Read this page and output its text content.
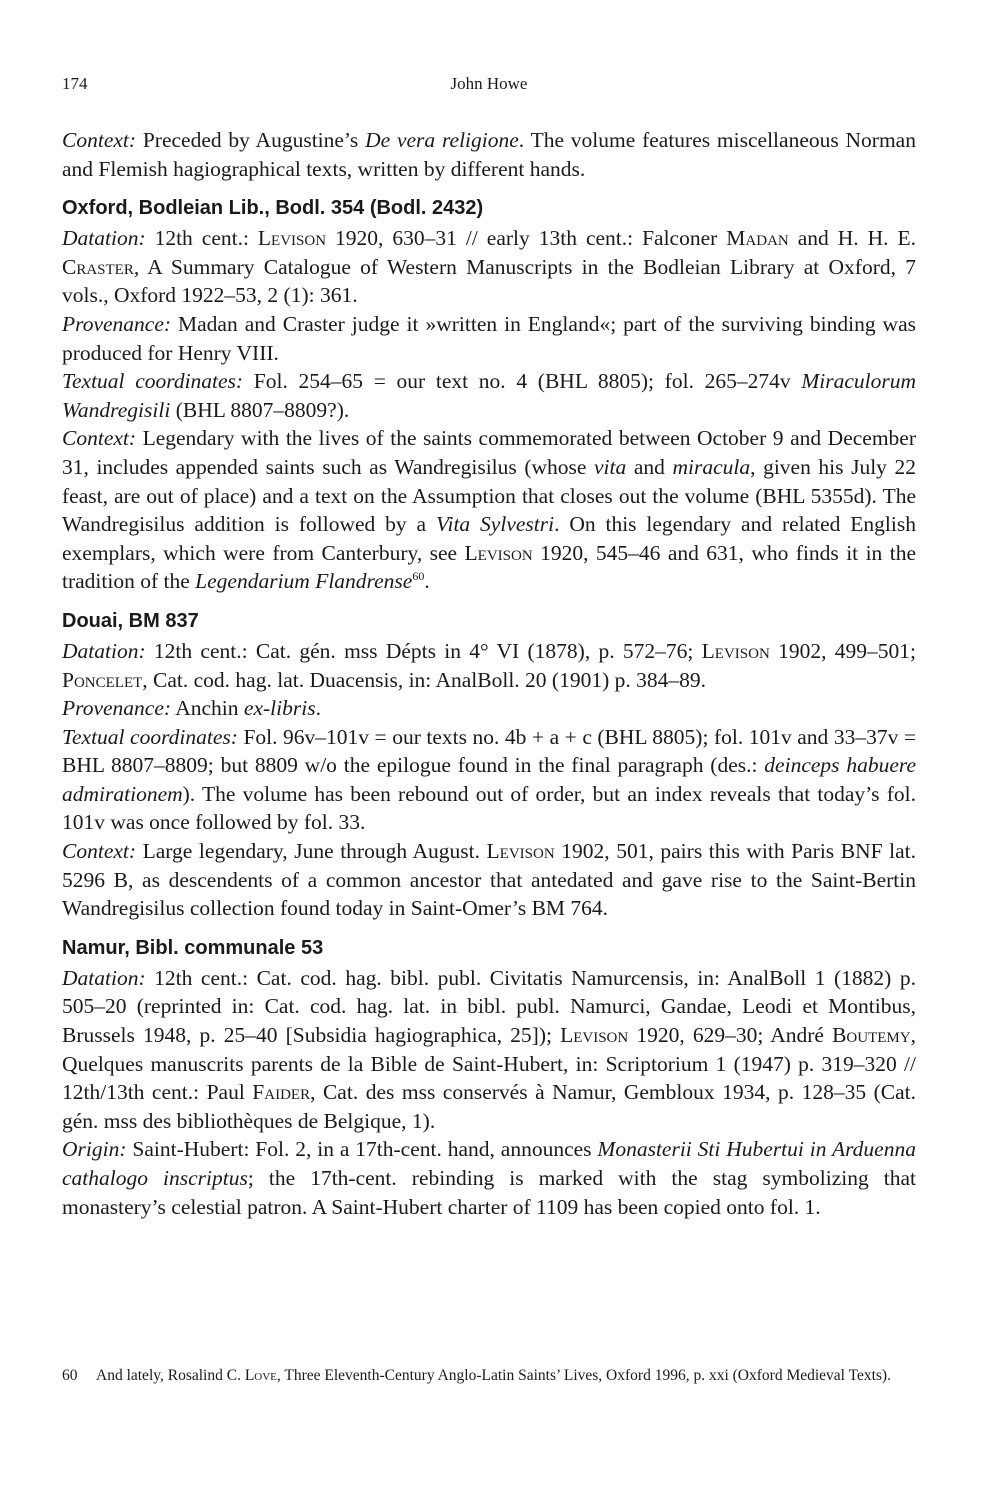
174	John Howe

Context: Preceded by Augustine’s De vera religione. The volume features miscellaneous Norman and Flemish hagiographical texts, written by different hands.

Oxford, Bodleian Lib., Bodl. 354 (Bodl. 2432)

Datation: 12th cent.: Levison 1920, 630–31 // early 13th cent.: Falconer Madan and H. H. E. Craster, A Summary Catalogue of Western Manuscripts in the Bodleian Library at Oxford, 7 vols., Oxford 1922–53, 2 (1): 361.

Provenance: Madan and Craster judge it »written in England«; part of the surviving binding was produced for Henry VIII.

Textual coordinates: Fol. 254–65 = our text no. 4 (BHL 8805); fol. 265–274v Miraculorum Wandregisili (BHL 8807–8809?).

Context: Legendary with the lives of the saints commemorated between October 9 and December 31, includes appended saints such as Wandregisilus (whose vita and miracula, given his July 22 feast, are out of place) and a text on the Assumption that closes out the volume (BHL 5355d). The Wandregisilus addition is followed by a Vita Sylvestri. On this legendary and related English exemplars, which were from Canterbury, see Levison 1920, 545–46 and 631, who finds it in the tradition of the Legendarium Flandrense$^{60}$.

Douai, BM 837

Datation: 12th cent.: Cat. gén. mss Dépts in 4° VI (1878), p. 572–76; Levison 1902, 499–501; Poncelet, Cat. cod. hag. lat. Duacensis, in: AnalBoll. 20 (1901) p. 384–89.

Provenance: Anchin ex-libris.

Textual coordinates: Fol. 96v–101v = our texts no. 4b + a + c (BHL 8805); fol. 101v and 33–37v = BHL 8807–8809; but 8809 w/o the epilogue found in the final paragraph (des.: deinceps habuere admirationem). The volume has been rebound out of order, but an index reveals that today’s fol. 101v was once followed by fol. 33.

Context: Large legendary, June through August. Levison 1902, 501, pairs this with Paris BNF lat. 5296 B, as descendents of a common ancestor that antedated and gave rise to the Saint-Bertin Wandregisilus collection found today in Saint-Omer’s BM 764.

Namur, Bibl. communale 53

Datation: 12th cent.: Cat. cod. hag. bibl. publ. Civitatis Namurcensis, in: AnalBoll 1 (1882) p. 505–20 (reprinted in: Cat. cod. hag. lat. in bibl. publ. Namurci, Gandae, Leodi et Montibus, Brussels 1948, p. 25–40 [Subsidia hagiographica, 25]); Levison 1920, 629–30; André Boutemy, Quelques manuscrits parents de la Bible de Saint-Hubert, in: Scriptorium 1 (1947) p. 319–320 // 12th/13th cent.: Paul Faider, Cat. des mss conservés à Namur, Gembloux 1934, p. 128–35 (Cat. gén. mss des bibliothèques de Belgique, 1).

Origin: Saint-Hubert: Fol. 2, in a 17th-cent. hand, announces Monasterii Sti Hubertui in Arduenna cathalogo inscriptus; the 17th-cent. rebinding is marked with the stag symbolizing that monastery’s celestial patron. A Saint-Hubert charter of 1109 has been copied onto fol. 1.

60	And lately, Rosalind C. Love, Three Eleventh-Century Anglo-Latin Saints’ Lives, Oxford 1996, p. xxi (Oxford Medieval Texts).
